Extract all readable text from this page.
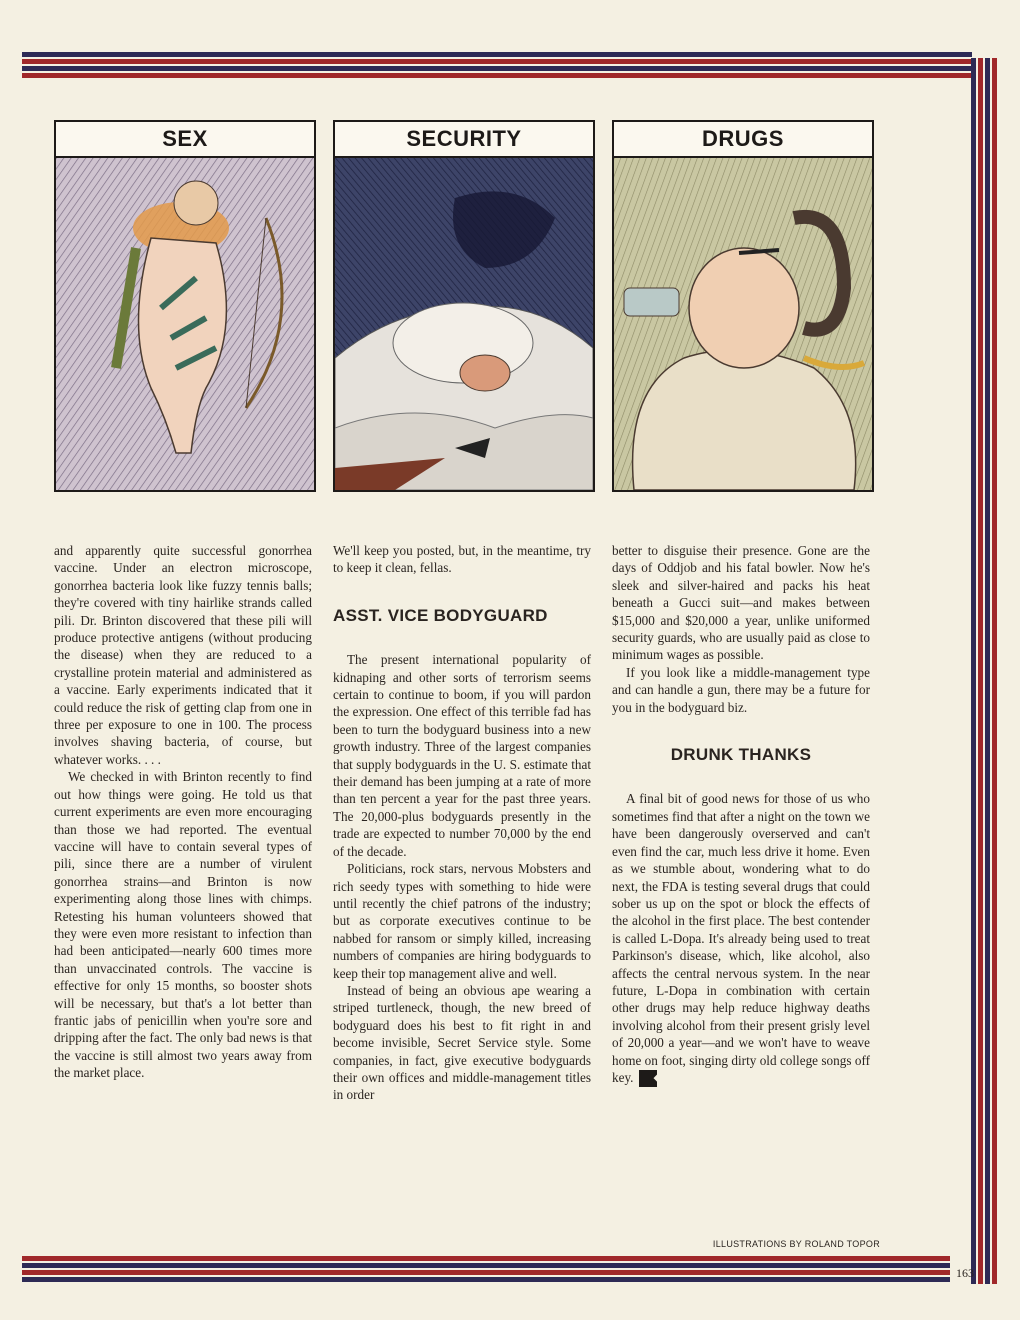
SEX	SECURITY	DRUGS

and apparently quite successful gonorrhea vaccine. Under an electron microscope, gonorrhea bacteria look like fuzzy tennis balls; they're covered with tiny hairlike strands called pili. Dr. Brinton discovered that these pili will produce protective antigens (without producing the disease) when they are reduced to a crystalline protein material and administered as a vaccine. Early experiments indicated that it could reduce the risk of getting clap from one in three per exposure to one in 100. The process involves shaving bacteria, of course, but whatever works. . . .

We checked in with Brinton recently to find out how things were going. He told us that current experiments are even more encouraging than those we had reported. The eventual vaccine will have to contain several types of pili, since there are a number of virulent gonorrhea strains—and Brinton is now experimenting along those lines with chimps. Retesting his human volunteers showed that they were even more resistant to infection than had been anticipated—nearly 600 times more than unvaccinated controls. The vaccine is effective for only 15 months, so booster shots will be necessary, but that's a lot better than frantic jabs of penicillin when you're sore and dripping after the fact. The only bad news is that the vaccine is still almost two years away from the market place.

We'll keep you posted, but, in the meantime, try to keep it clean, fellas.

ASST. VICE BODYGUARD

The present international popularity of kidnaping and other sorts of terrorism seems certain to continue to boom, if you will pardon the expression. One effect of this terrible fad has been to turn the bodyguard business into a new growth industry. Three of the largest companies that supply bodyguards in the U. S. estimate that their demand has been jumping at a rate of more than ten percent a year for the past three years. The 20,000-plus bodyguards presently in the trade are expected to number 70,000 by the end of the decade.

Politicians, rock stars, nervous Mobsters and rich seedy types with something to hide were until recently the chief patrons of the industry; but as corporate executives continue to be nabbed for ransom or simply killed, increasing numbers of companies are hiring bodyguards to keep their top management alive and well.

Instead of being an obvious ape wearing a striped turtleneck, though, the new breed of bodyguard does his best to fit right in and become invisible, Secret Service style. Some companies, in fact, give executive bodyguards their own offices and middle-management titles in order

better to disguise their presence. Gone are the days of Oddjob and his fatal bowler. Now he's sleek and silver-haired and packs his heat beneath a Gucci suit—and makes between $15,000 and $20,000 a year, unlike uniformed security guards, who are usually paid as close to minimum wages as possible.

If you look like a middle-management type and can handle a gun, there may be a future for you in the bodyguard biz.

DRUNK THANKS

A final bit of good news for those of us who sometimes find that after a night on the town we have been dangerously overserved and can't even find the car, much less drive it home. Even as we stumble about, wondering what to do next, the FDA is testing several drugs that could sober us up on the spot or block the effects of the alcohol in the first place. The best contender is called L-Dopa. It's already being used to treat Parkinson's disease, which, like alcohol, also affects the central nervous system. In the near future, L-Dopa in combination with certain other drugs may help reduce highway deaths involving alcohol from their present grisly level of 20,000 a year—and we won't have to weave home on foot, singing dirty old college songs off key. ◆

ILLUSTRATIONS BY ROLAND TOPOR
163
